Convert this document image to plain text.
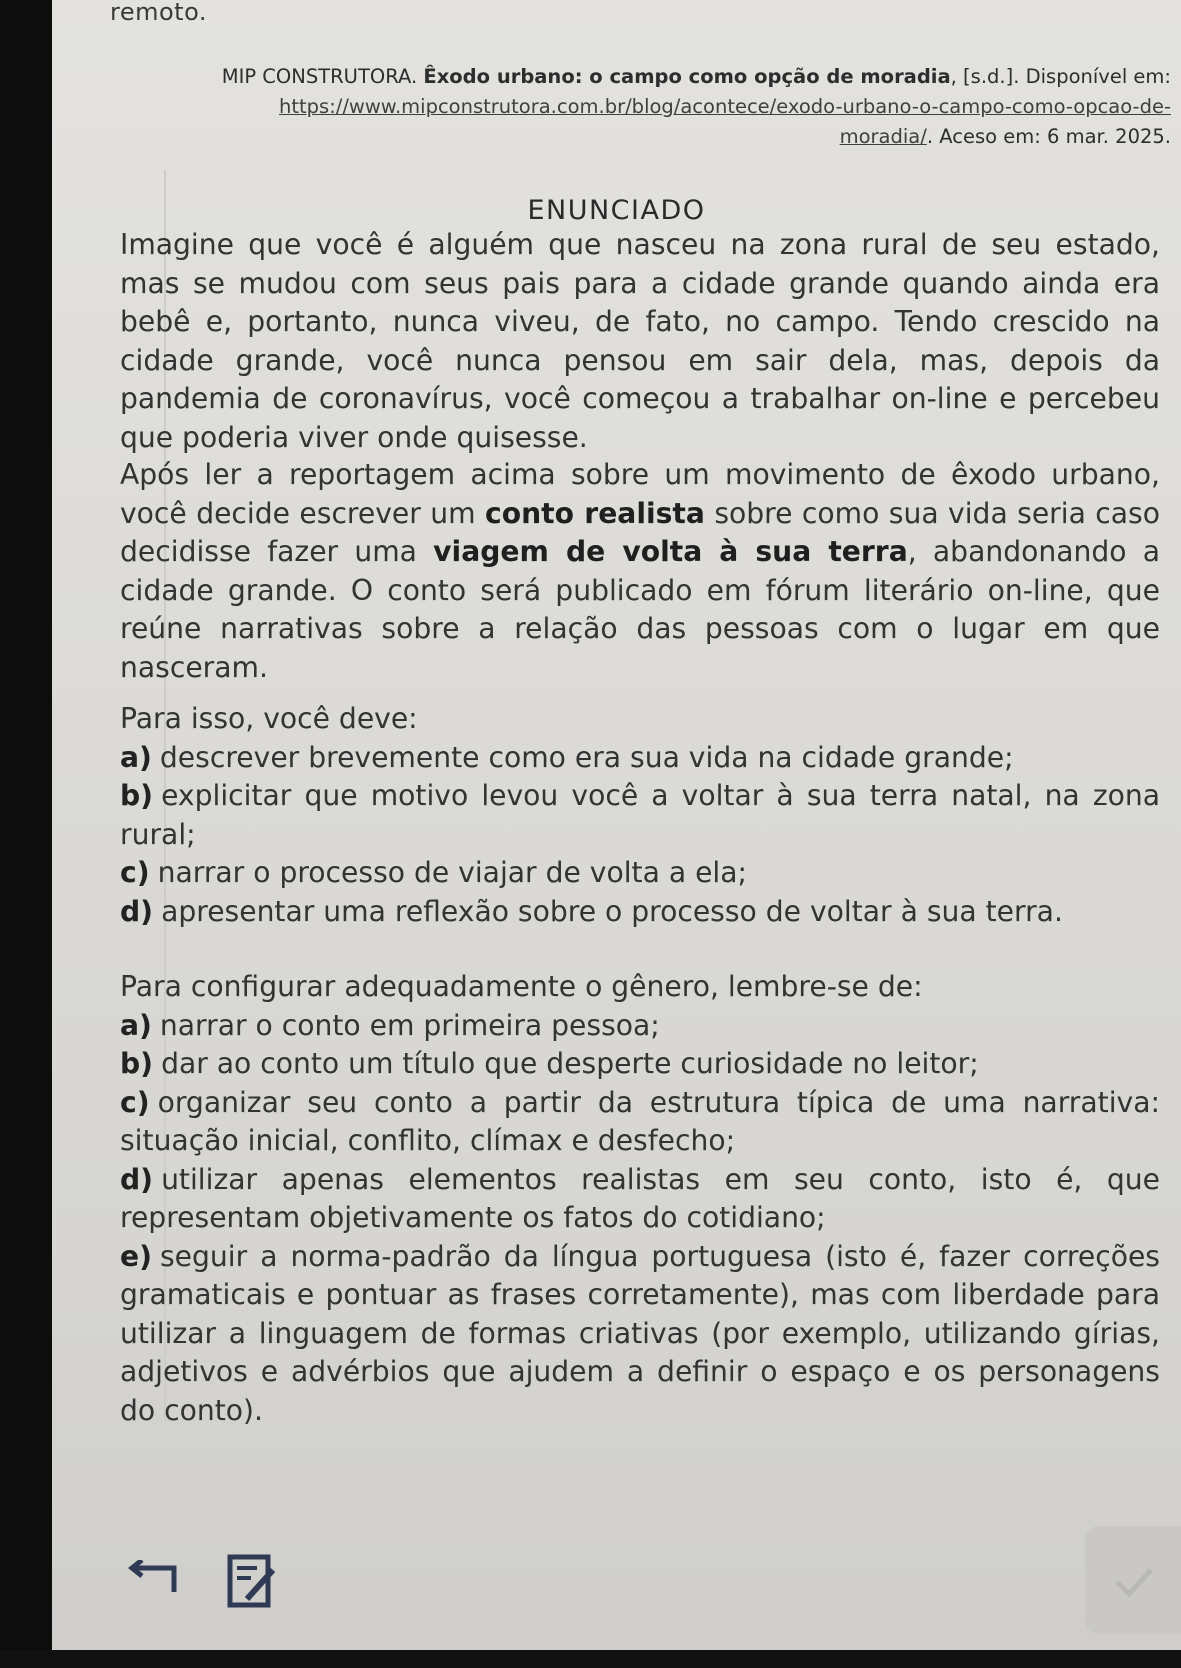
remoto.
MIP CONSTRUTORA. Êxodo urbano: o campo como opção de moradia, [s.d.]. Disponível em:
https://www.mipconstrutora.com.br/blog/acontece/exodo-urbano-o-campo-como-opcao-de-
moradia/. Aceso em: 6 mar. 2025.
ENUNCIADO
Imagine que você é alguém que nasceu na zona rural de seu estado, mas se mudou com seus pais para a cidade grande quando ainda era bebê e, portanto, nunca viveu, de fato, no campo. Tendo crescido na cidade grande, você nunca pensou em sair dela, mas, depois da pandemia de coronavírus, você começou a trabalhar on-line e percebeu que poderia viver onde quisesse.
Após ler a reportagem acima sobre um movimento de êxodo urbano, você decide escrever um conto realista sobre como sua vida seria caso decidisse fazer uma viagem de volta à sua terra, abandonando a cidade grande. O conto será publicado em fórum literário on-line, que reúne narrativas sobre a relação das pessoas com o lugar em que nasceram.
Para isso, você deve:
a) descrever brevemente como era sua vida na cidade grande;
b) explicitar que motivo levou você a voltar à sua terra natal, na zona rural;
c) narrar o processo de viajar de volta a ela;
d) apresentar uma reflexão sobre o processo de voltar à sua terra.
Para configurar adequadamente o gênero, lembre-se de:
a) narrar o conto em primeira pessoa;
b) dar ao conto um título que desperte curiosidade no leitor;
c) organizar seu conto a partir da estrutura típica de uma narrativa: situação inicial, conflito, clímax e desfecho;
d) utilizar apenas elementos realistas em seu conto, isto é, que representam objetivamente os fatos do cotidiano;
e) seguir a norma-padrão da língua portuguesa (isto é, fazer correções gramaticais e pontuar as frases corretamente), mas com liberdade para utilizar a linguagem de formas criativas (por exemplo, utilizando gírias, adjetivos e advérbios que ajudem a definir o espaço e os personagens do conto).
